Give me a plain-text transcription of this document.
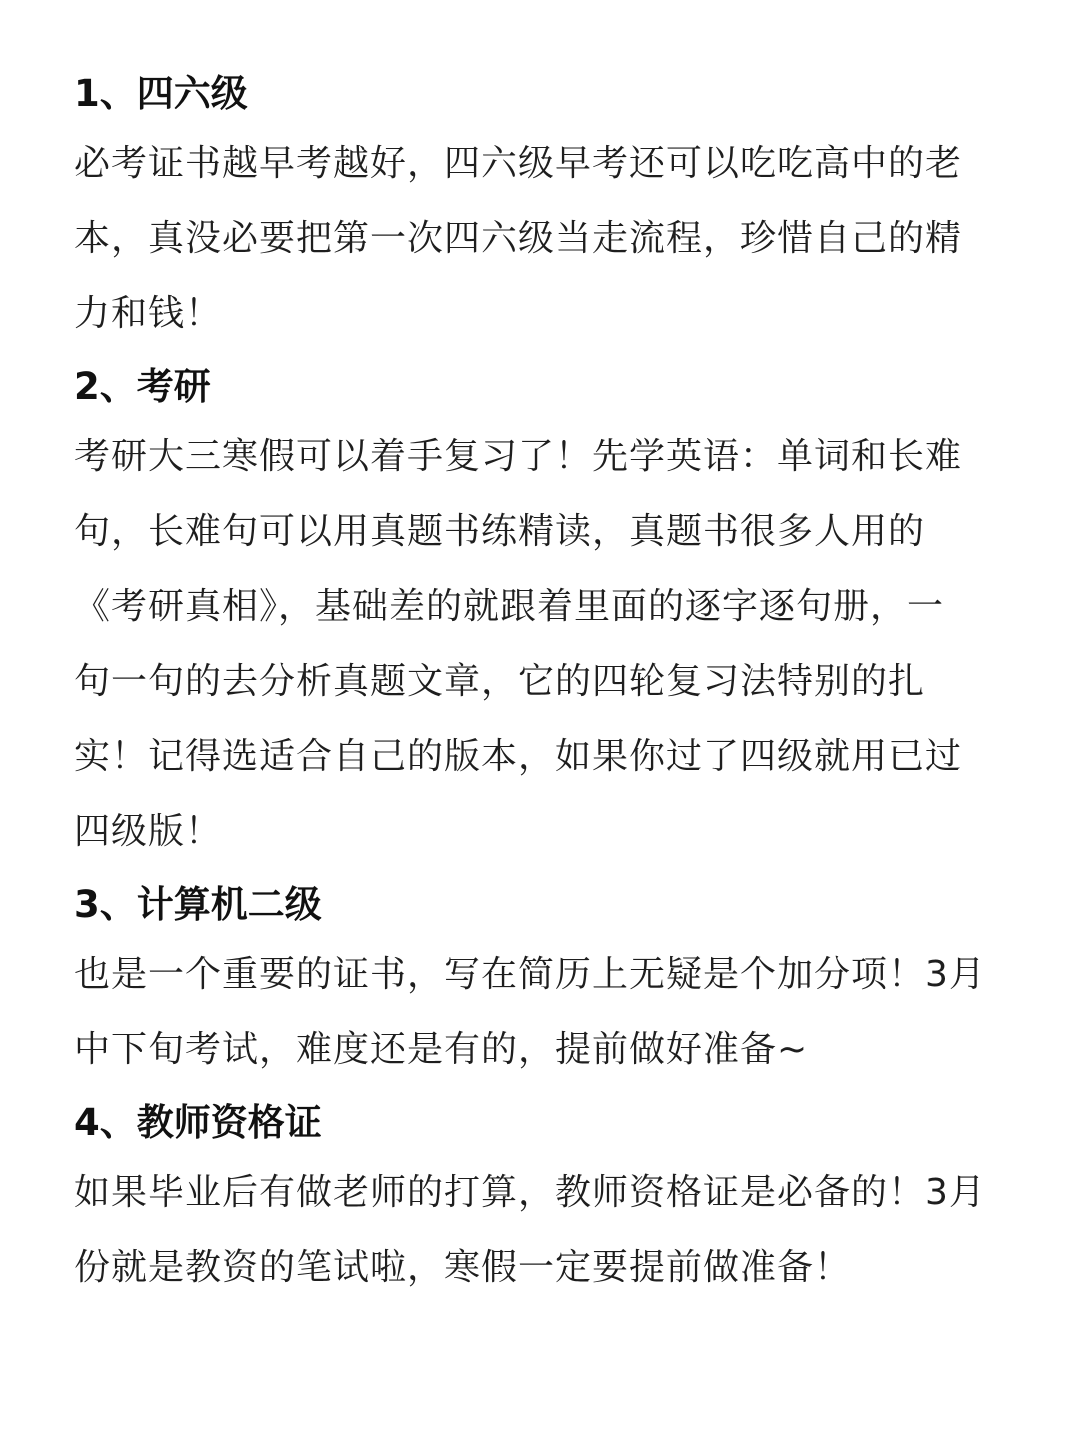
1、四六级

必考证书越早考越好，四六级早考还可以吃吃高中的老
本，真没必要把第一次四六级当走流程，珍惜自己的精
力和钱！

2、考研

考研大三寒假可以着手复习了！先学英语：单词和长难
句，长难句可以用真题书练精读，真题书很多人用的
《考研真相》，基础差的就跟着里面的逐字逐句册，一
句一句的去分析真题文章，它的四轮复习法特别的扎
实！记得选适合自己的版本，如果你过了四级就用已过
四级版！

3、计算机二级

也是一个重要的证书，写在简历上无疑是个加分项！3月
中下旬考试，难度还是有的，提前做好准备~

4、教师资格证

如果毕业后有做老师的打算，教师资格证是必备的！3月
份就是教资的笔试啦，寒假一定要提前做准备！
